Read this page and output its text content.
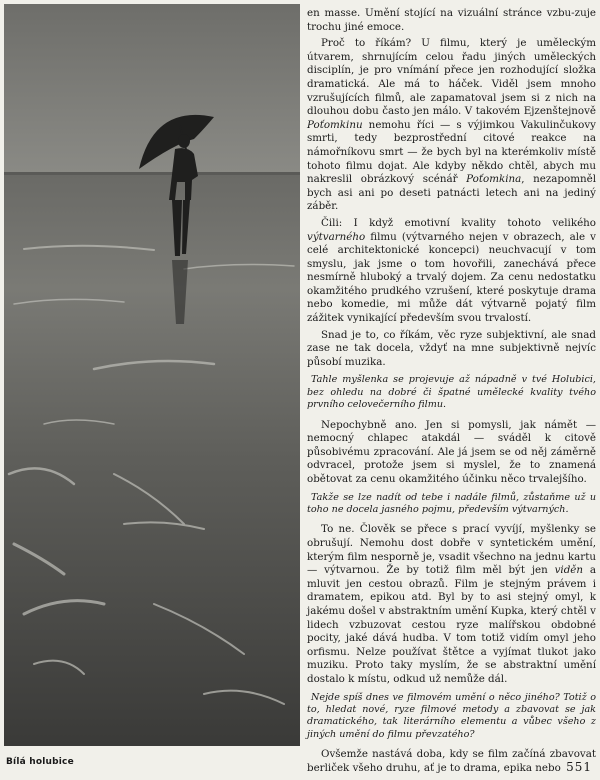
Bílá holubice	551

en masse. Umění stojící na vizuální stránce vzbu-zuje trochu jiné emoce.

Proč to říkám? U filmu, který je uměleckým útvarem, shrnujícím celou řadu jiných uměleckých disciplín, je pro vnímání přece jen rozhodující složka dramatická. Ale má to háček. Viděl jsem mnoho vzrušujících filmů, ale zapamatoval jsem si z nich na dlouhou dobu často jen málo. V takovém Ejzenštejnově Poťomkinu nemohu říci — s výjimkou Vakulinčukovy smrti, tedy bezprostřední citové reakce na námořníkovu smrt — že bych byl na kterémkoliv místě tohoto filmu dojat. Ale kdyby někdo chtěl, abych mu nakreslil obrázkový scénář Poťomkina, nezapomněl bych asi ani po deseti patnácti letech ani na jediný záběr.

Čili: I když emotivní kvality tohoto velikého výtvarného filmu (výtvarného nejen v obrazech, ale v celé architektonické koncepci) neuchvacují v tom smyslu, jak jsme o tom hovořili, zanechává přece nesmírně hluboký a trvalý dojem. Za cenu nedostatku okamžitého prudkého vzrušení, které poskytuje drama nebo komedie, mi může dát výtvarně pojatý film zážitek vynikající především svou trvalostí.

Snad je to, co říkám, věc ryze subjektivní, ale snad zase ne tak docela, vždyť na mne subjektivně nejvíc působí muzika.

Tahle myšlenka se projevuje až nápadně v tvé Holubici, bez ohledu na dobré či špatné umělecké kvality tvého prvního celovečerního filmu.

Nepochybně ano. Jen si pomysli, jak námět — nemocný chlapec atakdál — sváděl k citově působivému zpracování. Ale já jsem se od něj záměrně odvracel, protože jsem si myslel, že to znamená obětovat za cenu okamžitého účinku něco trvalejšího.

Takže se lze nadít od tebe i nadále filmů, zůstaňme už u toho ne docela jasného pojmu, především výtvarných.

To ne. Člověk se přece s prací vyvíjí, myšlenky se obrušují. Nemohu dost dobře v syntetickém umění, kterým film nesporně je, vsadit všechno na jednu kartu — výtvarnou. Že by totiž film měl být jen viděn a mluvit jen cestou obrazů. Film je stejným právem i dramatem, epikou atd. Byl by to asi stejný omyl, k jakému došel v abstraktním umění Kupka, který chtěl v lidech vzbuzovat cestou ryze malířskou obdobné pocity, jaké dává hudba. V tom totiž vidím omyl jeho orfismu. Nelze používat štětce a vyjímat tlukot jako muziku. Proto taky myslím, že se abstraktní umění dostalo k místu, odkud už nemůže dál.

Nejde spíš dnes ve filmovém umění o něco jiného? Totiž o to, hledat nové, ryze filmové metody a zbavovat se jak dramatického, tak literárního elementu a vůbec všeho z jiných umění do filmu převzatého?

Ovšemže nastává doba, kdy se film začíná zbavovat berliček všeho druhu, ať je to drama, epika nebo
